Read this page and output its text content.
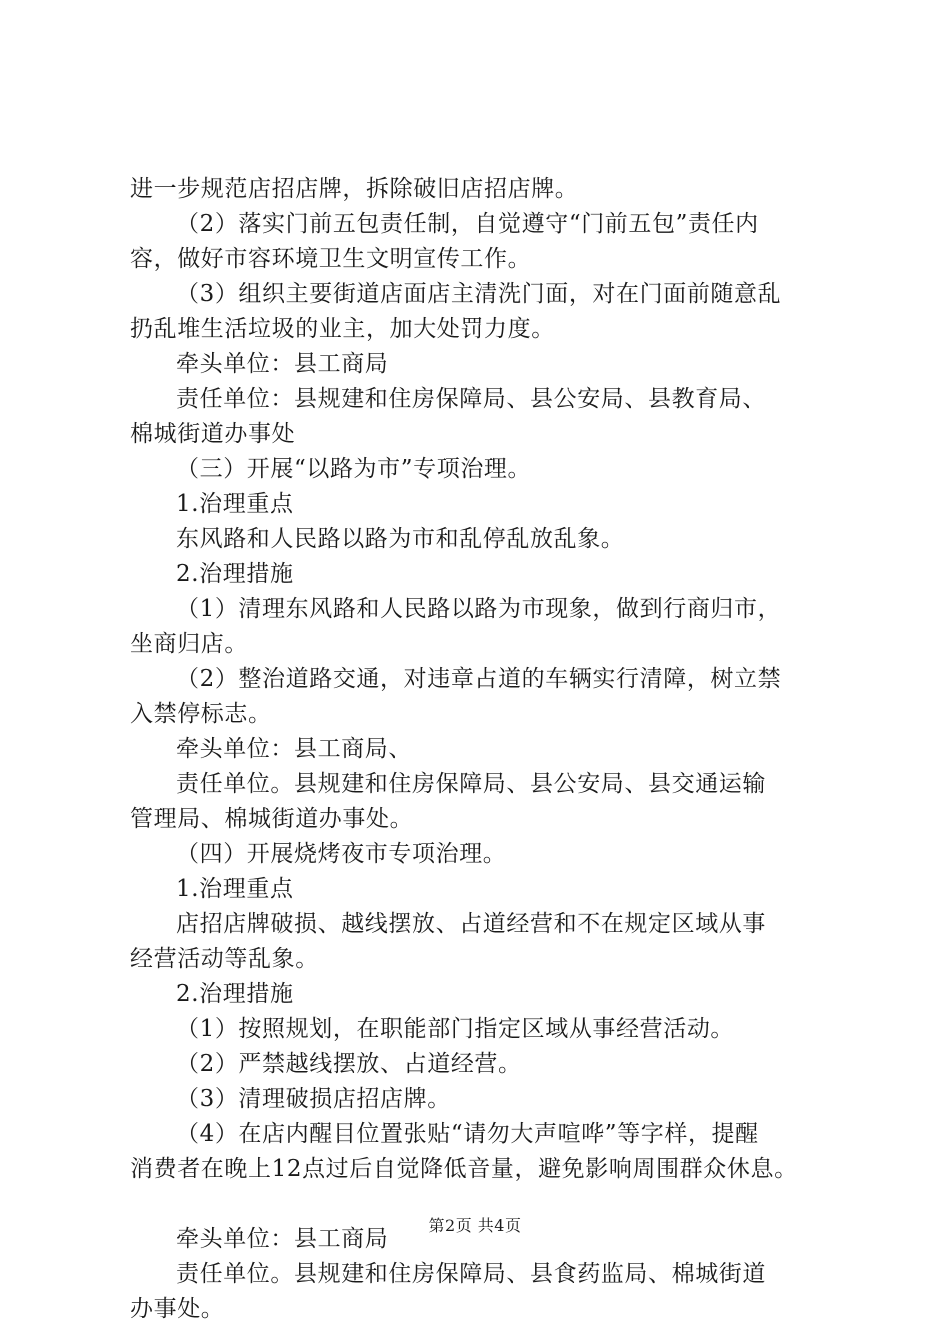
进一步规范店招店牌，拆除破旧店招店牌。
（2）落实门前五包责任制，自觉遵守“门前五包”责任内
容，做好市容环境卫生文明宣传工作。
（3）组织主要街道店面店主清洗门面，对在门面前随意乱
扔乱堆生活垃圾的业主，加大处罚力度。
牵头单位：县工商局
责任单位：县规建和住房保障局、县公安局、县教育局、
棉城街道办事处
（三）开展“以路为市”专项治理。
1.治理重点
东风路和人民路以路为市和乱停乱放乱象。
2.治理措施
（1）清理东风路和人民路以路为市现象，做到行商归市，
坐商归店。
（2）整治道路交通，对违章占道的车辆实行清障，树立禁
入禁停标志。
牵头单位：县工商局、
责任单位。县规建和住房保障局、县公安局、县交通运输
管理局、棉城街道办事处。
（四）开展烧烤夜市专项治理。
1.治理重点
店招店牌破损、越线摆放、占道经营和不在规定区域从事
经营活动等乱象。
2.治理措施
（1）按照规划，在职能部门指定区域从事经营活动。
（2）严禁越线摆放、占道经营。
（3）清理破损店招店牌。
（4）在店内醒目位置张贴“请勿大声喧哗”等字样，提醒
消费者在晚上12点过后自觉降低音量，避免影响周围群众休息。
牵头单位：县工商局
责任单位。县规建和住房保障局、县食药监局、棉城街道
办事处。
第2页 共4页
